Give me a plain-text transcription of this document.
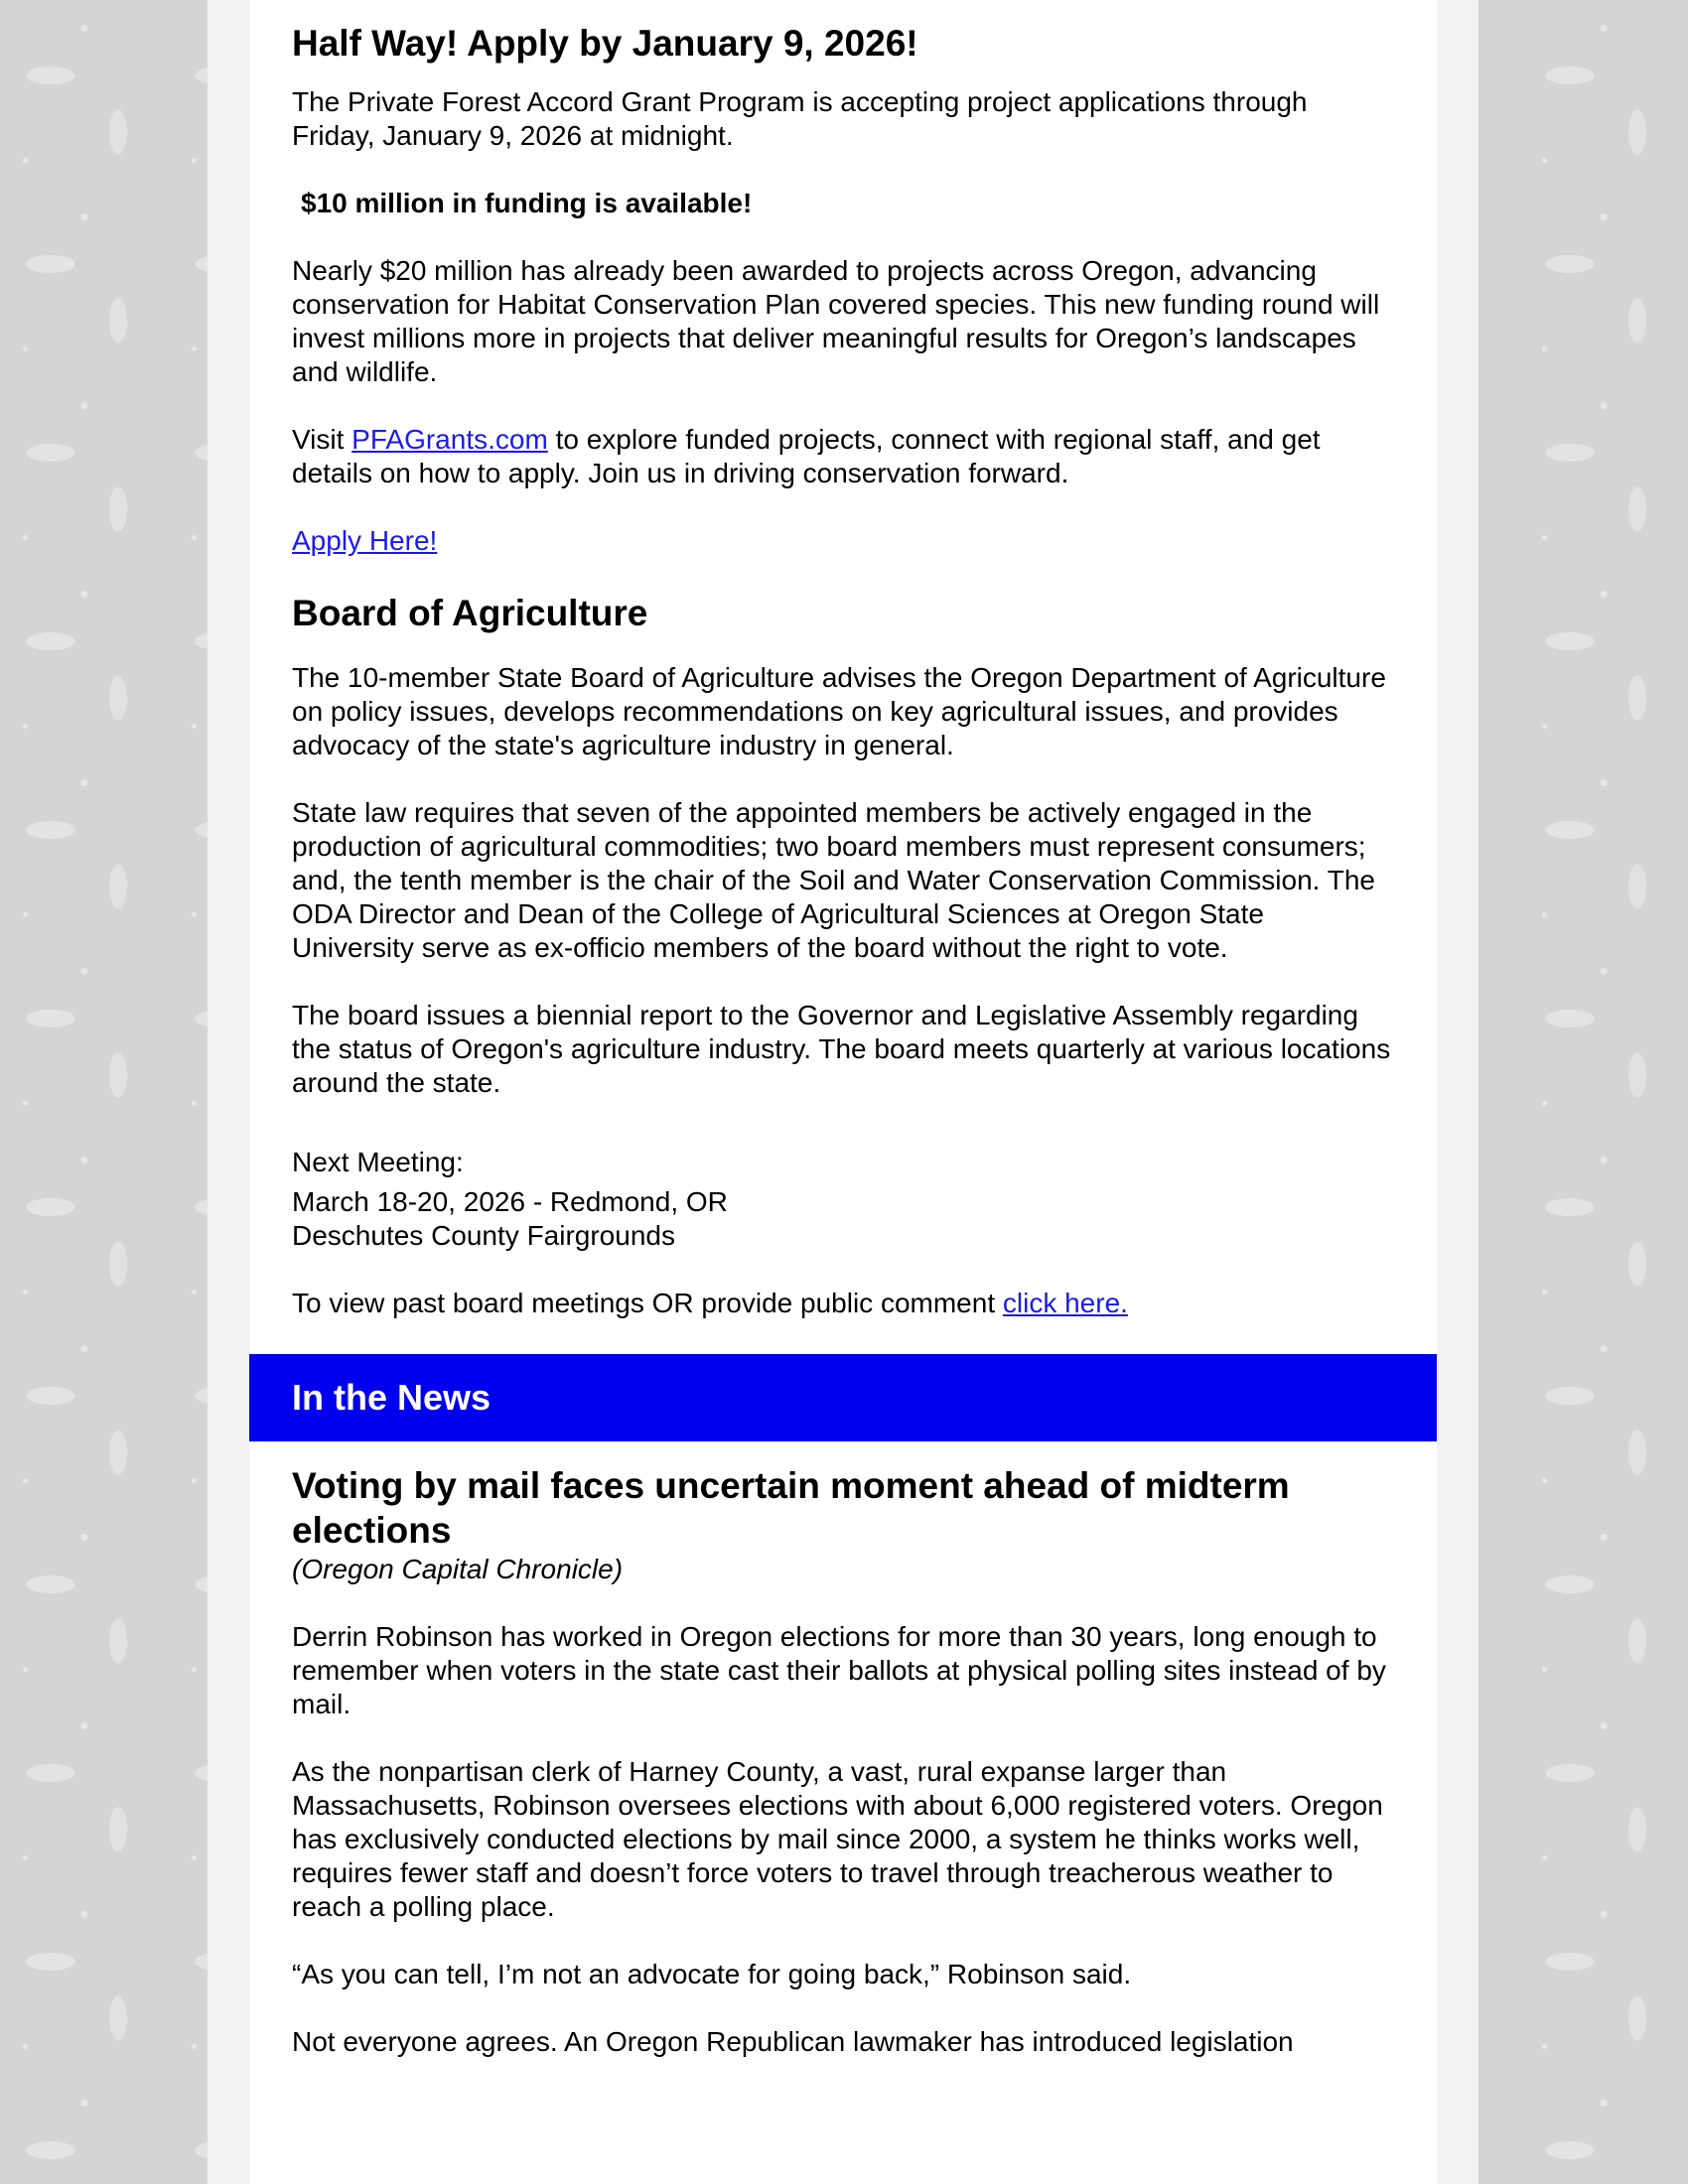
Half Way! Apply by January 9, 2026!

The Private Forest Accord Grant Program is accepting project applications through Friday, January 9, 2026 at midnight.

$10 million in funding is available!

Nearly $20 million has already been awarded to projects across Oregon, advancing conservation for Habitat Conservation Plan covered species. This new funding round will invest millions more in projects that deliver meaningful results for Oregon’s landscapes and wildlife.

Visit PFAGrants.com to explore funded projects, connect with regional staff, and get details on how to apply. Join us in driving conservation forward.

Apply Here!

Board of Agriculture

The 10-member State Board of Agriculture advises the Oregon Department of Agriculture on policy issues, develops recommendations on key agricultural issues, and provides advocacy of the state's agriculture industry in general.

State law requires that seven of the appointed members be actively engaged in the production of agricultural commodities; two board members must represent consumers; and, the tenth member is the chair of the Soil and Water Conservation Commission. The ODA Director and Dean of the College of Agricultural Sciences at Oregon State University serve as ex-officio members of the board without the right to vote.

The board issues a biennial report to the Governor and Legislative Assembly regarding the status of Oregon's agriculture industry. The board meets quarterly at various locations around the state.

Next Meeting:

March 18-20, 2026 - Redmond, OR
Deschutes County Fairgrounds

To view past board meetings OR provide public comment click here.

In the News
Voting by mail faces uncertain moment ahead of midterm elections

(Oregon Capital Chronicle)

Derrin Robinson has worked in Oregon elections for more than 30 years, long enough to remember when voters in the state cast their ballots at physical polling sites instead of by mail.

As the nonpartisan clerk of Harney County, a vast, rural expanse larger than Massachusetts, Robinson oversees elections with about 6,000 registered voters. Oregon has exclusively conducted elections by mail since 2000, a system he thinks works well, requires fewer staff and doesn’t force voters to travel through treacherous weather to reach a polling place.

“As you can tell, I’m not an advocate for going back,” Robinson said.

Not everyone agrees. An Oregon Republican lawmaker has introduced legislation
